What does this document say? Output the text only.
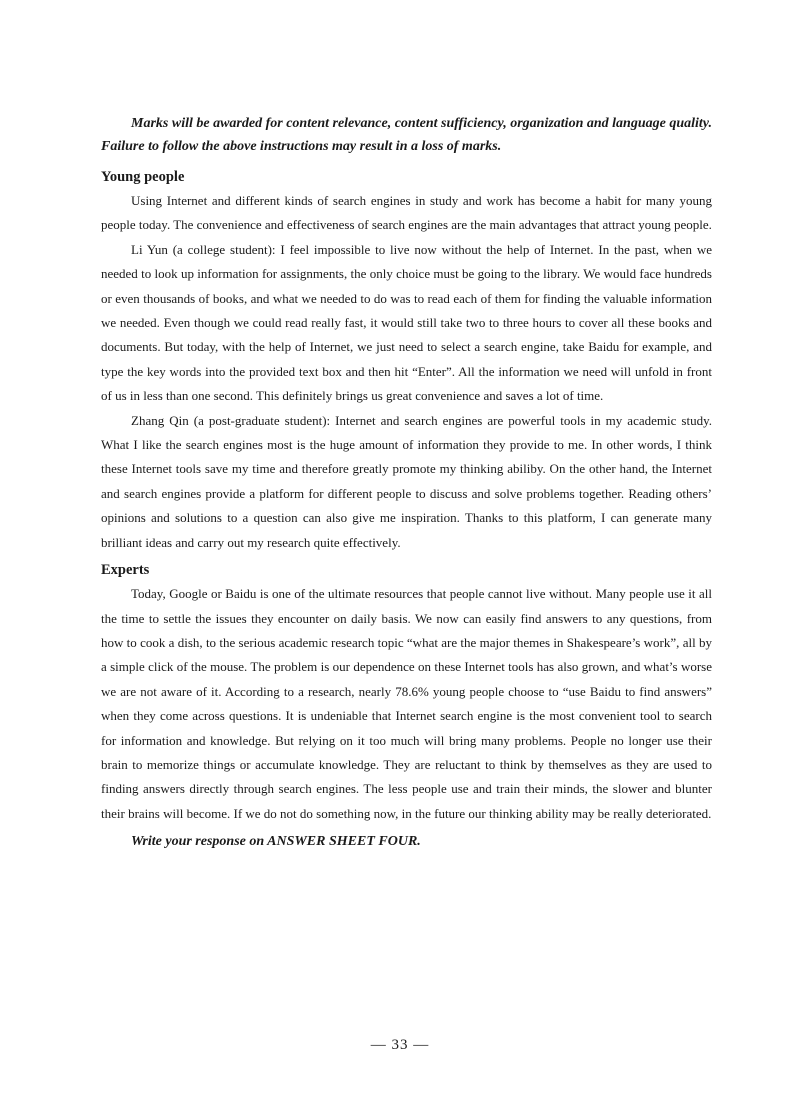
Marks will be awarded for content relevance, content sufficiency, organization and language quality. Failure to follow the above instructions may result in a loss of marks.

Young people

Using Internet and different kinds of search engines in study and work has become a habit for many young people today. The convenience and effectiveness of search engines are the main advantages that attract young people.

Li Yun (a college student): I feel impossible to live now without the help of Internet. In the past, when we needed to look up information for assignments, the only choice must be going to the library. We would face hundreds or even thousands of books, and what we needed to do was to read each of them for finding the valuable information we needed. Even though we could read really fast, it would still take two to three hours to cover all these books and documents. But today, with the help of Internet, we just need to select a search engine, take Baidu for example, and type the key words into the provided text box and then hit “Enter”. All the information we need will unfold in front of us in less than one second. This definitely brings us great convenience and saves a lot of time.

Zhang Qin (a post-graduate student): Internet and search engines are powerful tools in my academic study. What I like the search engines most is the huge amount of information they provide to me. In other words, I think these Internet tools save my time and therefore greatly promote my thinking abiliby. On the other hand, the Internet and search engines provide a platform for different people to discuss and solve problems together. Reading others’ opinions and solutions to a question can also give me inspiration. Thanks to this platform, I can generate many brilliant ideas and carry out my research quite effectively.

Experts

Today, Google or Baidu is one of the ultimate resources that people cannot live without. Many people use it all the time to settle the issues they encounter on daily basis. We now can easily find answers to any questions, from how to cook a dish, to the serious academic research topic “what are the major themes in Shakespeare’s work”, all by a simple click of the mouse. The problem is our dependence on these Internet tools has also grown, and what’s worse we are not aware of it. According to a research, nearly 78.6% young people choose to “use Baidu to find answers” when they come across questions. It is undeniable that Internet search engine is the most convenient tool to search for information and knowledge. But relying on it too much will bring many problems. People no longer use their brain to memorize things or accumulate knowledge. They are reluctant to think by themselves as they are used to finding answers directly through search engines. The less people use and train their minds, the slower and blunter their brains will become. If we do not do something now, in the future our thinking ability may be really deteriorated.

Write your response on ANSWER SHEET FOUR.

— 33 —
